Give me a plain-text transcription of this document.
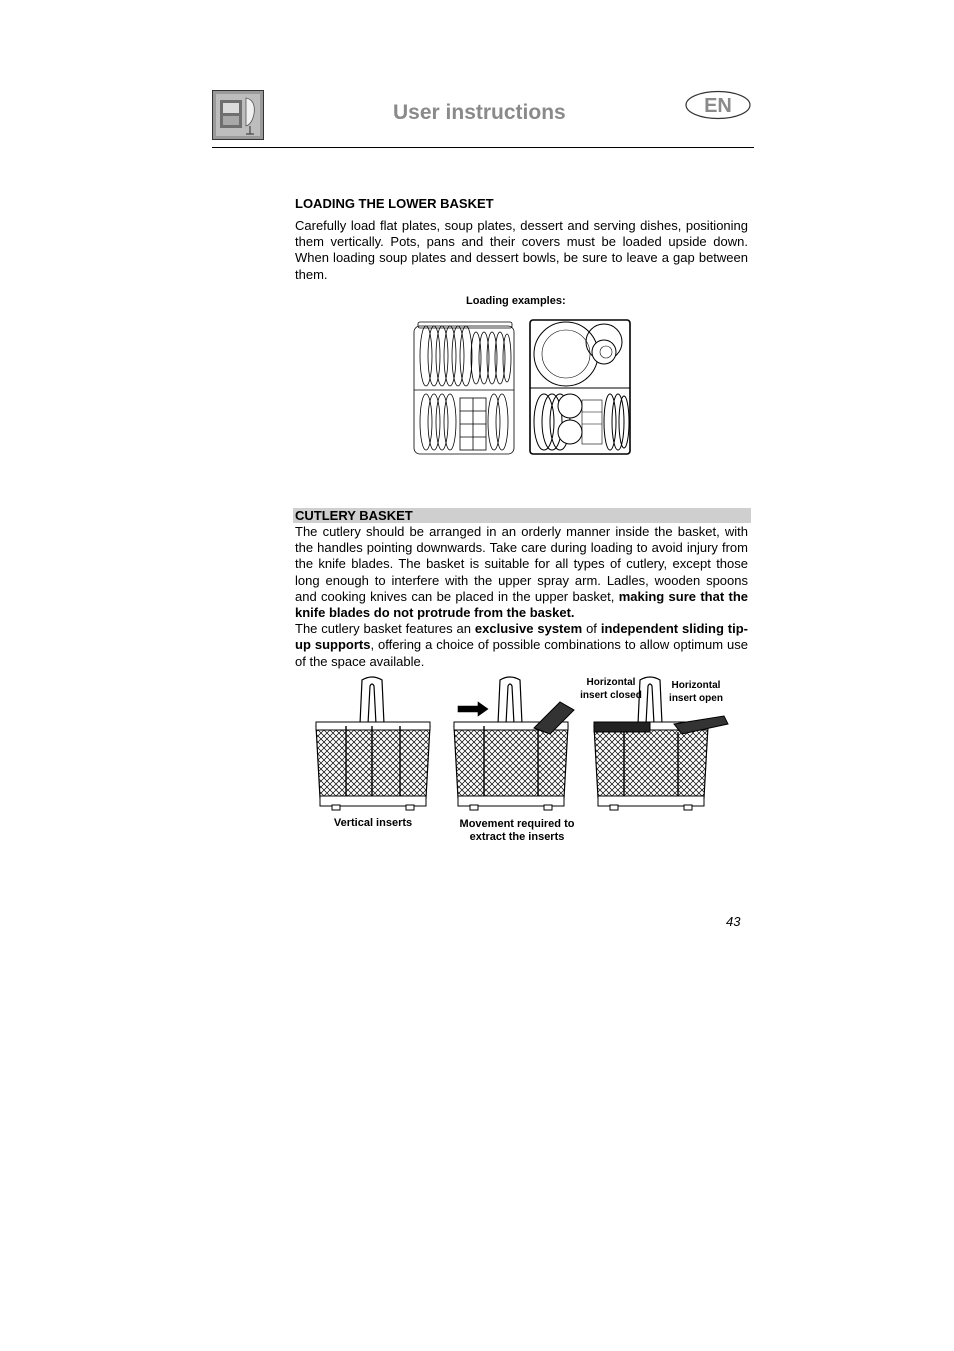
User instructions	EN
LOADING THE LOWER BASKET
Carefully load flat plates, soup plates, dessert and serving dishes, positioning them vertically. Pots, pans and their covers must be loaded upside down. When loading soup plates and dessert bowls, be sure to leave a gap between them.
Loading examples:
CUTLERY BASKET
The cutlery should be arranged in an orderly manner inside the basket, with the handles pointing downwards. Take care during loading to avoid injury from the knife blades. The basket is suitable for all types of cutlery, except those long enough to interfere with the upper spray arm. Ladles, wooden spoons and cooking knives can be placed in the upper basket, making sure that the knife blades do not protrude from the basket.
The cutlery basket features an exclusive system of independent sliding tip-up supports, offering a choice of possible combinations to allow optimum use of the space available.
Vertical inserts	Movement required to extract the inserts
Horizontal insert closed
Horizontal insert open
43
